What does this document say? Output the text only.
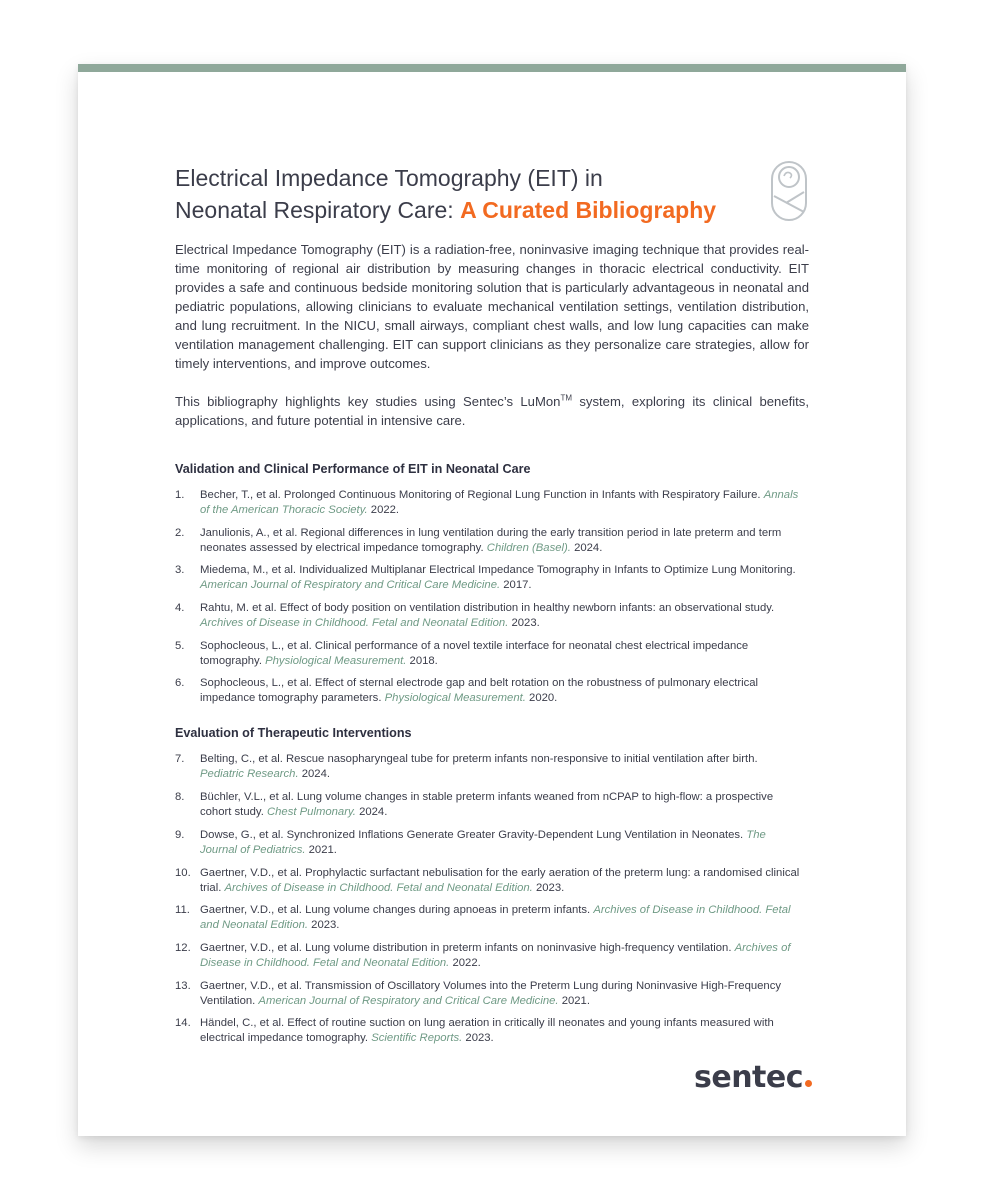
Electrical Impedance Tomography (EIT) in
Neonatal Respiratory Care: A Curated Bibliography

Electrical Impedance Tomography (EIT) is a radiation-free, noninvasive imaging technique that provides real-time monitoring of regional air distribution by measuring changes in thoracic electrical conductivity. EIT provides a safe and continuous bedside monitoring solution that is particularly advantageous in neonatal and pediatric populations, allowing clinicians to evaluate mechanical ventilation settings, ventilation distribution, and lung recruitment. In the NICU, small airways, compliant chest walls, and low lung capacities can make ventilation management challenging. EIT can support clinicians as they personalize care strategies, allow for timely interventions, and improve outcomes.

This bibliography highlights key studies using Sentec’s LuMon™ system, exploring its clinical benefits, applications, and future potential in intensive care.

Validation and Clinical Performance of EIT in Neonatal Care
1. Becher, T., et al. Prolonged Continuous Monitoring of Regional Lung Function in Infants with Respiratory Failure. Annals of the American Thoracic Society. 2022.
2. Janulionis, A., et al. Regional differences in lung ventilation during the early transition period in late preterm and term neonates assessed by electrical impedance tomography. Children (Basel). 2024.
3. Miedema, M., et al. Individualized Multiplanar Electrical Impedance Tomography in Infants to Optimize Lung Monitoring. American Journal of Respiratory and Critical Care Medicine. 2017.
4. Rahtu, M. et al. Effect of body position on ventilation distribution in healthy newborn infants: an observational study. Archives of Disease in Childhood. Fetal and Neonatal Edition. 2023.
5. Sophocleous, L., et al. Clinical performance of a novel textile interface for neonatal chest electrical impedance tomography. Physiological Measurement. 2018.
6. Sophocleous, L., et al. Effect of sternal electrode gap and belt rotation on the robustness of pulmonary electrical impedance tomography parameters. Physiological Measurement. 2020.
Evaluation of Therapeutic Interventions
7. Belting, C., et al. Rescue nasopharyngeal tube for preterm infants non-responsive to initial ventilation after birth. Pediatric Research. 2024.
8. Büchler, V.L., et al. Lung volume changes in stable preterm infants weaned from nCPAP to high-flow: a prospective cohort study. Chest Pulmonary. 2024.
9. Dowse, G., et al. Synchronized Inflations Generate Greater Gravity-Dependent Lung Ventilation in Neonates. The Journal of Pediatrics. 2021.
10. Gaertner, V.D., et al. Prophylactic surfactant nebulisation for the early aeration of the preterm lung: a randomised clinical trial. Archives of Disease in Childhood. Fetal and Neonatal Edition. 2023.
11. Gaertner, V.D., et al. Lung volume changes during apnoeas in preterm infants. Archives of Disease in Childhood. Fetal and Neonatal Edition. 2023.
12. Gaertner, V.D., et al. Lung volume distribution in preterm infants on noninvasive high-frequency ventilation. Archives of Disease in Childhood. Fetal and Neonatal Edition. 2022.
13. Gaertner, V.D., et al. Transmission of Oscillatory Volumes into the Preterm Lung during Noninvasive High-Frequency Ventilation. American Journal of Respiratory and Critical Care Medicine. 2021.
14. Händel, C., et al. Effect of routine suction on lung aeration in critically ill neonates and young infants measured with electrical impedance tomography. Scientific Reports. 2023.
sentec
